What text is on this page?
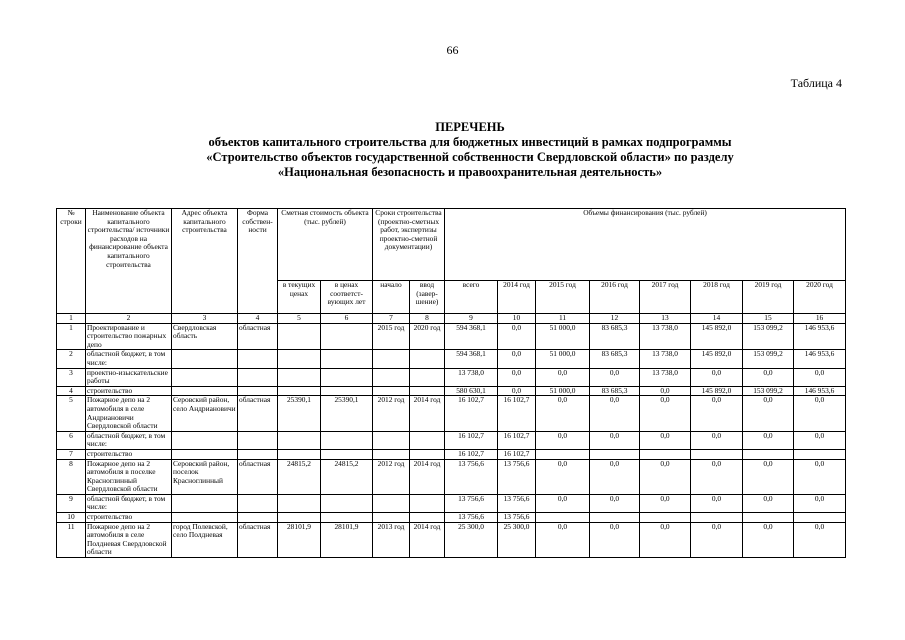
66
Таблица 4
ПЕРЕЧЕНЬ
объектов капитального строительства для бюджетных инвестиций в рамках подпрограммы
«Строительство объектов государственной собственности Свердловской области» по разделу
«Национальная безопасность и правоохранительная деятельность»
№ строки	Наименование объекта капитального строительства/ источники расходов на финансирование объекта капитального строительства	Адрес объекта капитального строительства	Форма собствен-ности	Сметная стоимость объекта (тыс. рублей)		Сроки строительства (проектно-сметных работ, экспертизы проектно-сметной документации)		Объемы финансирования (тыс. рублей)							
				в текущих ценах	в ценах соответст-вующих лет	начало	ввод (завер-шение)	всего	2014 год	2015 год	2016 год	2017 год	2018 год	2019 год	2020 год
1	2	3	4	5	6	7	8	9	10	11	12	13	14	15	16
1	Проектирование и строительство пожарных депо	Свердловская область	областная			2015 год	2020 год	594 368,1	0,0	51 000,0	83 685,3	13 738,0	145 892,0	153 099,2	146 953,6
2	областной бюджет, в том числе:							594 368,1	0,0	51 000,0	83 685,3	13 738,0	145 892,0	153 099,2	146 953,6
3	проектно-изыскательские работы							13 738,0	0,0	0,0	0,0	13 738,0	0,0	0,0	0,0
4	строительство							580 630,1	0,0	51 000,0	83 685,3	0,0	145 892,0	153 099,2	146 953,6
5	Пожарное депо на 2 автомобиля в селе Андриановичи Свердловской области	Серовский район, село Андриановичи	областная	25390,1	25390,1	2012 год	2014 год	16 102,7	16 102,7	0,0	0,0	0,0	0,0	0,0	0,0
6	областной бюджет, в том числе:							16 102,7	16 102,7	0,0	0,0	0,0	0,0	0,0	0,0
7	строительство							16 102,7	16 102,7						
8	Пожарное депо на 2 автомобиля в поселке Красноглинный Свердловской области	Серовский район, поселок Красноглинный	областная	24815,2	24815,2	2012 год	2014 год	13 756,6	13 756,6	0,0	0,0	0,0	0,0	0,0	0,0
9	областной бюджет, в том числе:							13 756,6	13 756,6	0,0	0,0	0,0	0,0	0,0	0,0
10	строительство							13 756,6	13 756,6						
11	Пожарное депо на 2 автомобиля в селе Полдневая Свердловской области	город Полевской, село Полдневая	областная	28101,9	28101,9	2013 год	2014 год	25 300,0	25 300,0	0,0	0,0	0,0	0,0	0,0	0,0
